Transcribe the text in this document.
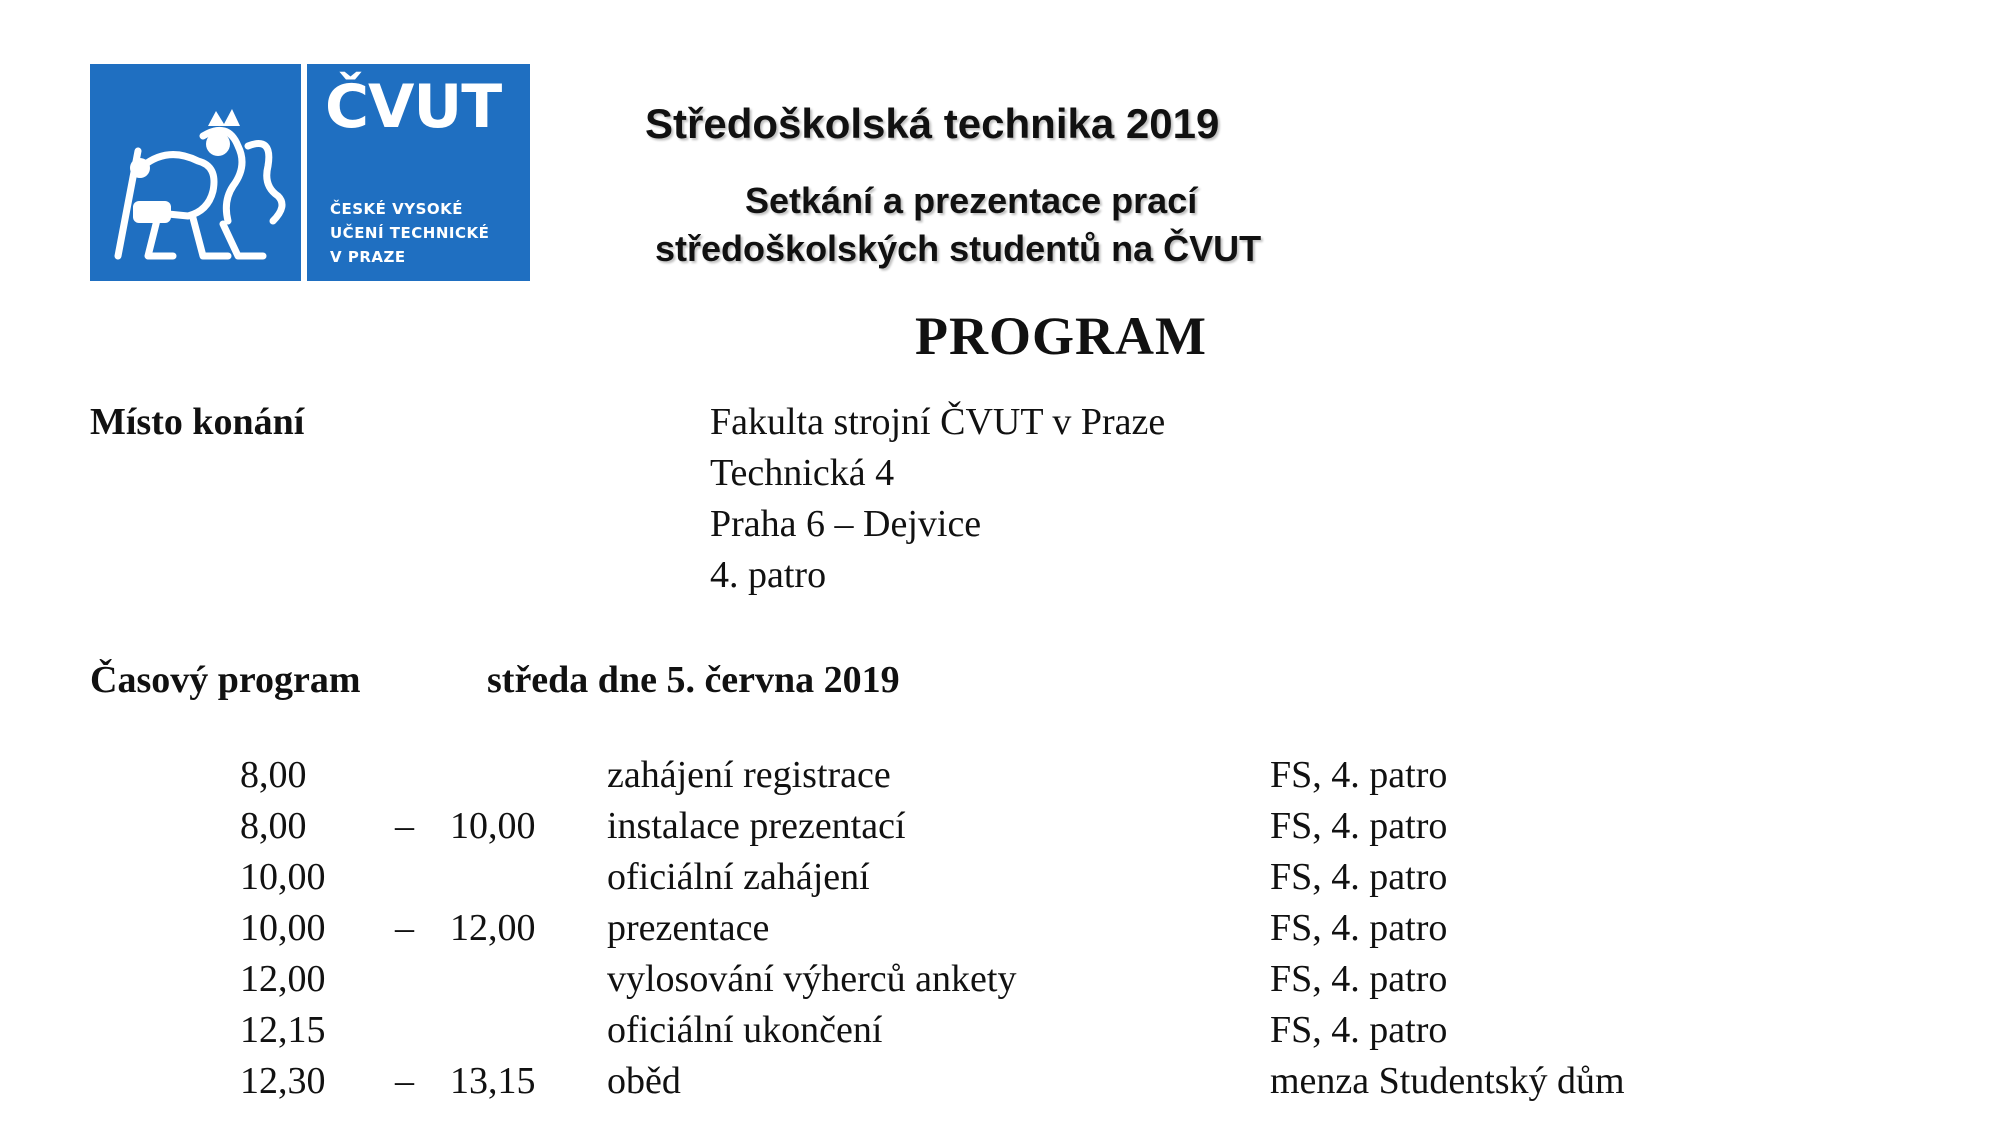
ČVUT
ČESKÉ VYSOKÉ
UČENÍ TECHNICKÉ
V PRAZE
Středoškolská technika 2019
Setkání a prezentace prací
středoškolských studentů na ČVUT
PROGRAM
Místo konání	Fakulta strojní ČVUT v Praze
Technická 4
Praha 6 – Dejvice
4. patro
Časový program	středa dne 5. června 2019
8,00	zahájení registrace	FS, 4. patro
8,00 – 10,00 instalace prezentací	FS, 4. patro
10,00	oficiální zahájení	FS, 4. patro
10,00 – 12,00 prezentace	FS, 4. patro
12,00	vylosování výherců ankety	FS, 4. patro
12,15	oficiální ukončení	FS, 4. patro
12,30 – 13,15 oběd	menza Studentský dům
